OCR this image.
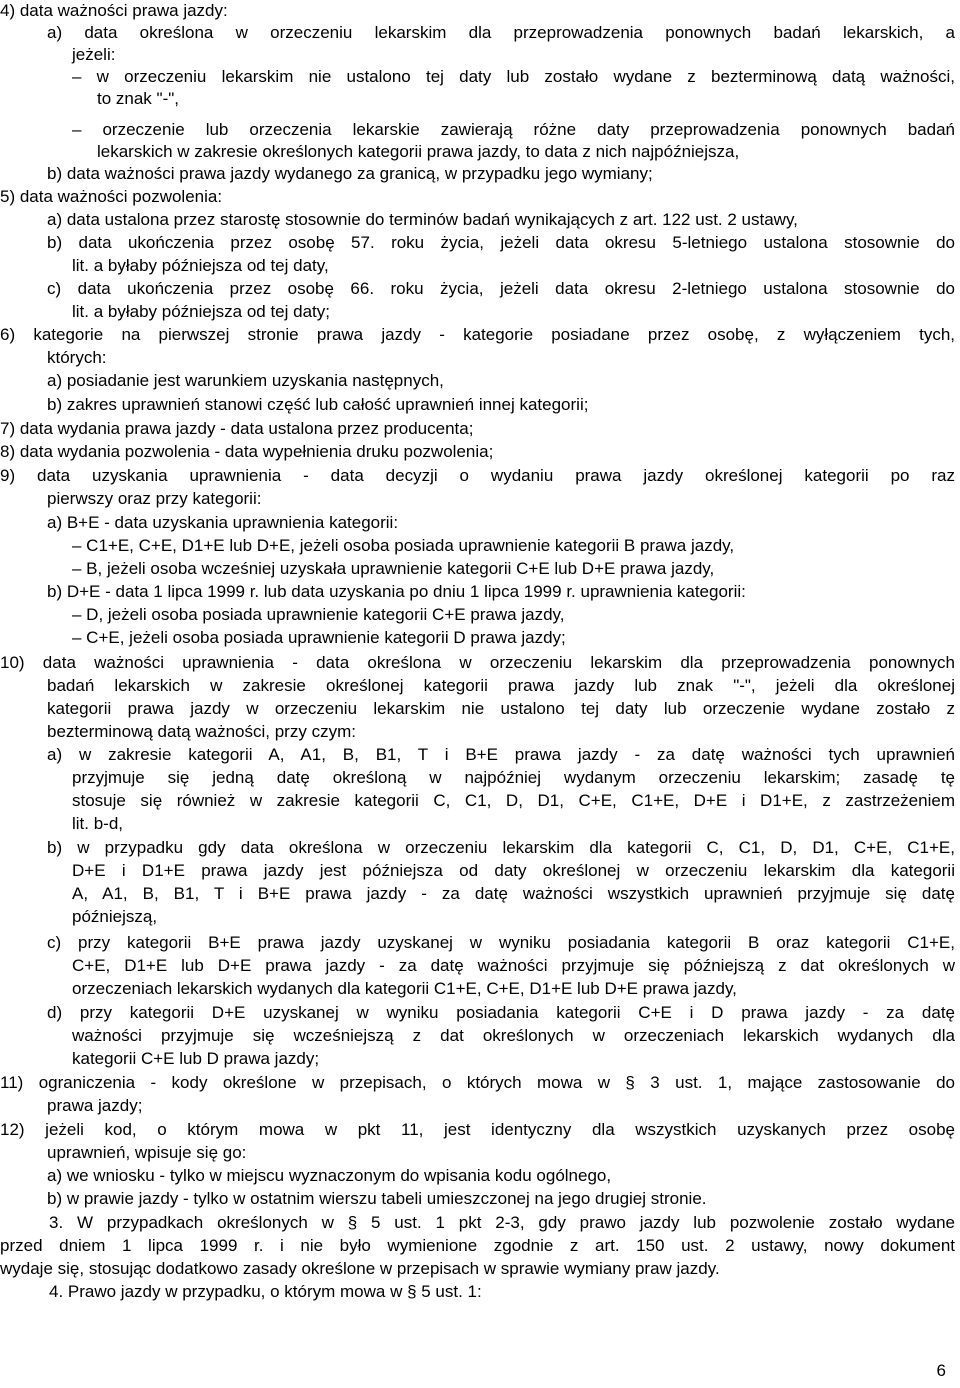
4) data ważności prawa jazdy:
a) data określona w orzeczeniu lekarskim dla przeprowadzenia ponownych badań lekarskich, a
jeżeli:
– w orzeczeniu lekarskim nie ustalono tej daty lub zostało wydane z bezterminową datą ważności,
to znak "-",
– orzeczenie lub orzeczenia lekarskie zawierają różne daty przeprowadzenia ponownych badań
lekarskich w zakresie określonych kategorii prawa jazdy, to data z nich najpóźniejsza,
b) data ważności prawa jazdy wydanego za granicą, w przypadku jego wymiany;
5) data ważności pozwolenia:
a) data ustalona przez starostę stosownie do terminów badań wynikających z art. 122 ust. 2 ustawy,
b) data ukończenia przez osobę 57. roku życia, jeżeli data okresu 5-letniego ustalona stosownie do
lit. a byłaby późniejsza od tej daty,
c) data ukończenia przez osobę 66. roku życia, jeżeli data okresu 2-letniego ustalona stosownie do
lit. a byłaby późniejsza od tej daty;
6) kategorie na pierwszej stronie prawa jazdy - kategorie posiadane przez osobę, z wyłączeniem tych,
których:
a) posiadanie jest warunkiem uzyskania następnych,
b) zakres uprawnień stanowi część lub całość uprawnień innej kategorii;
7) data wydania prawa jazdy - data ustalona przez producenta;
8) data wydania pozwolenia - data wypełnienia druku pozwolenia;
9) data uzyskania uprawnienia - data decyzji o wydaniu prawa jazdy określonej kategorii po raz
pierwszy oraz przy kategorii:
a) B+E - data uzyskania uprawnienia kategorii:
– C1+E, C+E, D1+E lub D+E, jeżeli osoba posiada uprawnienie kategorii B prawa jazdy,
– B, jeżeli osoba wcześniej uzyskała uprawnienie kategorii C+E lub D+E prawa jazdy,
b) D+E - data 1 lipca 1999 r. lub data uzyskania po dniu 1 lipca 1999 r. uprawnienia kategorii:
– D, jeżeli osoba posiada uprawnienie kategorii C+E prawa jazdy,
– C+E, jeżeli osoba posiada uprawnienie kategorii D prawa jazdy;
10) data ważności uprawnienia - data określona w orzeczeniu lekarskim dla przeprowadzenia ponownych
badań lekarskich w zakresie określonej kategorii prawa jazdy lub znak "-", jeżeli dla określonej
kategorii prawa jazdy w orzeczeniu lekarskim nie ustalono tej daty lub orzeczenie wydane zostało z
bezterminową datą ważności, przy czym:
a) w zakresie kategorii A, A1, B, B1, T i B+E prawa jazdy - za datę ważności tych uprawnień
przyjmuje się jedną datę określoną w najpóźniej wydanym orzeczeniu lekarskim; zasadę tę
stosuje się również w zakresie kategorii C, C1, D, D1, C+E, C1+E, D+E i D1+E, z zastrzeżeniem
lit. b-d,
b) w przypadku gdy data określona w orzeczeniu lekarskim dla kategorii C, C1, D, D1, C+E, C1+E,
D+E i D1+E prawa jazdy jest późniejsza od daty określonej w orzeczeniu lekarskim dla kategorii
A, A1, B, B1, T i B+E prawa jazdy - za datę ważności wszystkich uprawnień przyjmuje się datę
późniejszą,
c) przy kategorii B+E prawa jazdy uzyskanej w wyniku posiadania kategorii B oraz kategorii C1+E,
C+E, D1+E lub D+E prawa jazdy - za datę ważności przyjmuje się późniejszą z dat określonych w
orzeczeniach lekarskich wydanych dla kategorii C1+E, C+E, D1+E lub D+E prawa jazdy,
d) przy kategorii D+E uzyskanej w wyniku posiadania kategorii C+E i D prawa jazdy - za datę
ważności przyjmuje się wcześniejszą z dat określonych w orzeczeniach lekarskich wydanych dla
kategorii C+E lub D prawa jazdy;
11) ograniczenia - kody określone w przepisach, o których mowa w § 3 ust. 1, mające zastosowanie do
prawa jazdy;
12) jeżeli kod, o którym mowa w pkt 11, jest identyczny dla wszystkich uzyskanych przez osobę
uprawnień, wpisuje się go:
a) we wniosku - tylko w miejscu wyznaczonym do wpisania kodu ogólnego,
b) w prawie jazdy - tylko w ostatnim wierszu tabeli umieszczonej na jego drugiej stronie.
3. W przypadkach określonych w § 5 ust. 1 pkt 2-3, gdy prawo jazdy lub pozwolenie zostało wydane
przed dniem 1 lipca 1999 r. i nie było wymienione zgodnie z art. 150 ust. 2 ustawy, nowy dokument
wydaje się, stosując dodatkowo zasady określone w przepisach w sprawie wymiany praw jazdy.
4. Prawo jazdy w przypadku, o którym mowa w § 5 ust. 1:
6
